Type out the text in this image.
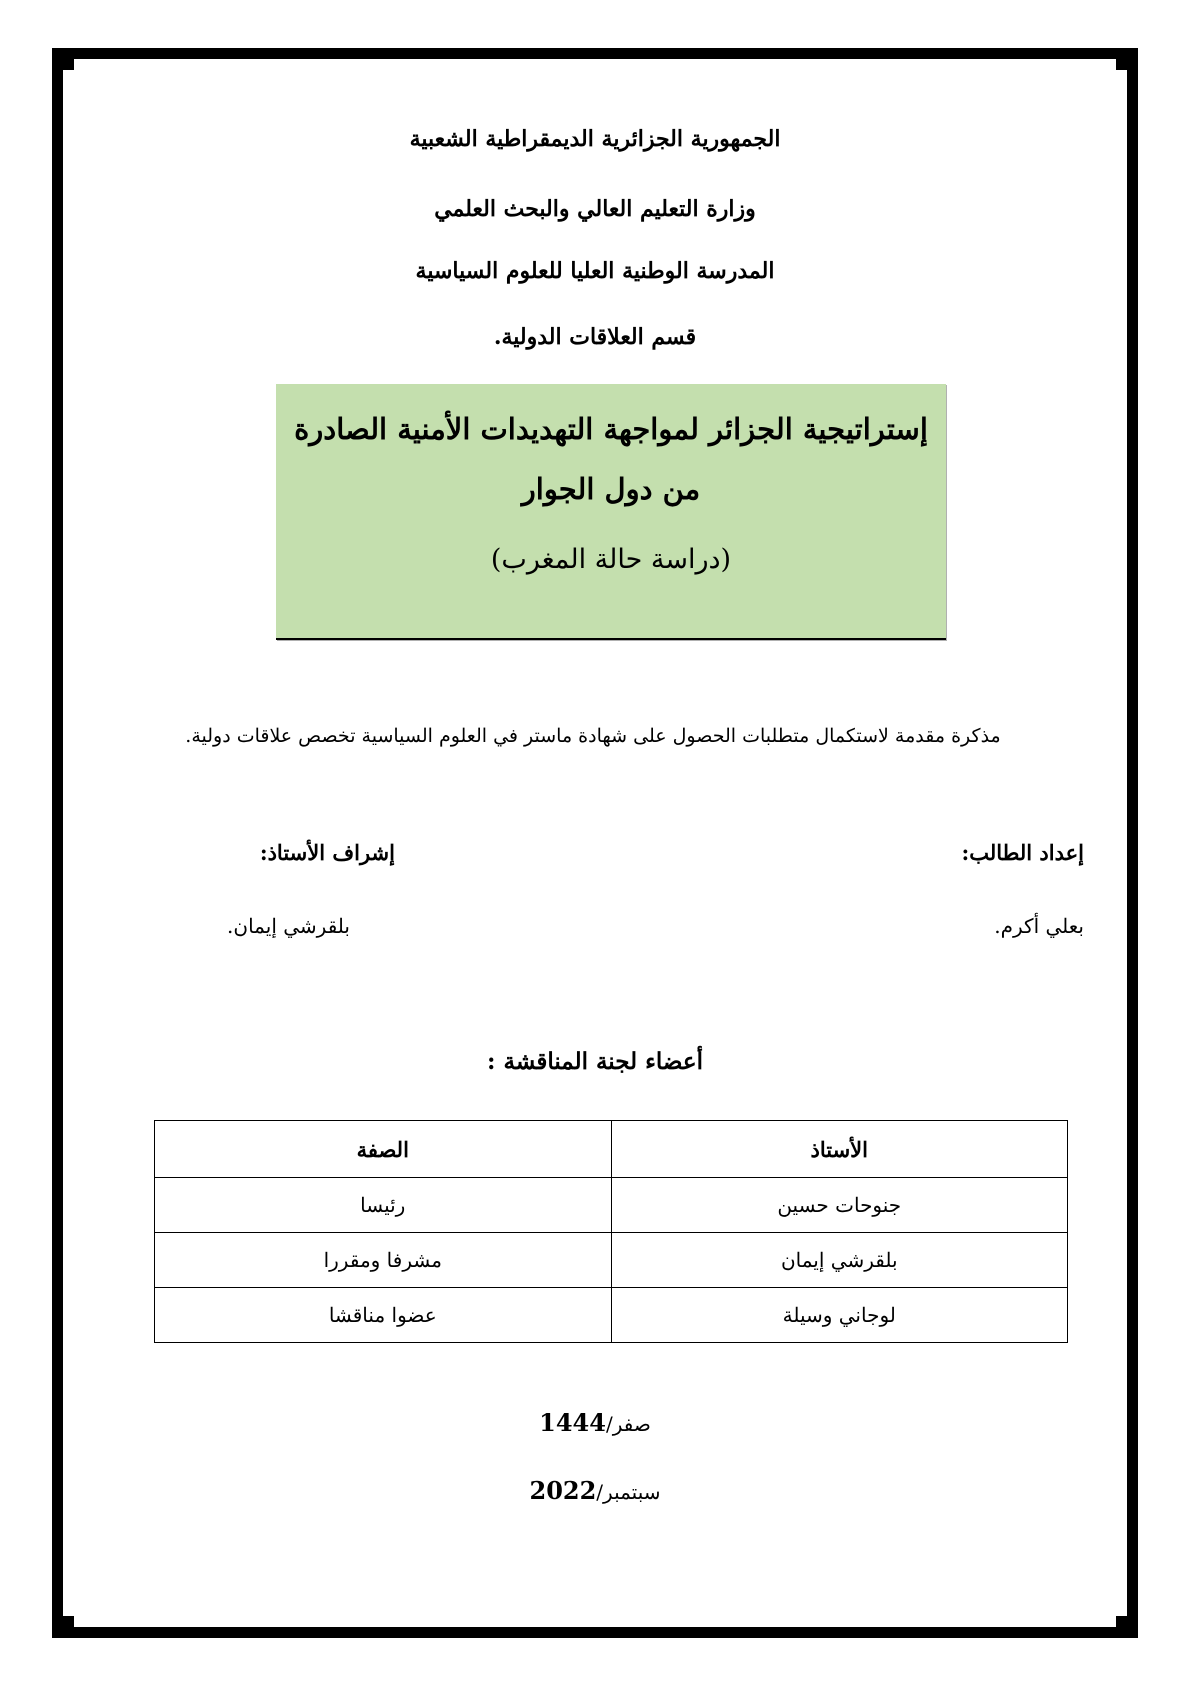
الجمهورية الجزائرية الديمقراطية الشعبية
وزارة التعليم العالي والبحث العلمي
المدرسة الوطنية العليا للعلوم السياسية
قسم العلاقات الدولية.
إستراتيجية الجزائر لمواجهة التهديدات الأمنية الصادرة
من دول الجوار
(دراسة حالة المغرب)
مذكرة مقدمة لاستكمال متطلبات الحصول على شهادة ماستر في العلوم السياسية تخصص علاقات دولية.
إعداد الطالب:
إشراف الأستاذ:
بعلي أكرم.
بلقرشي إيمان.
أعضاء لجنة المناقشة :
الأستاذ	الصفة
جنوحات حسين	رئيسا
بلقرشي إيمان	مشرفا ومقررا
لوجاني وسيلة	عضوا مناقشا
صفر/1444
سبتمبر/2022
